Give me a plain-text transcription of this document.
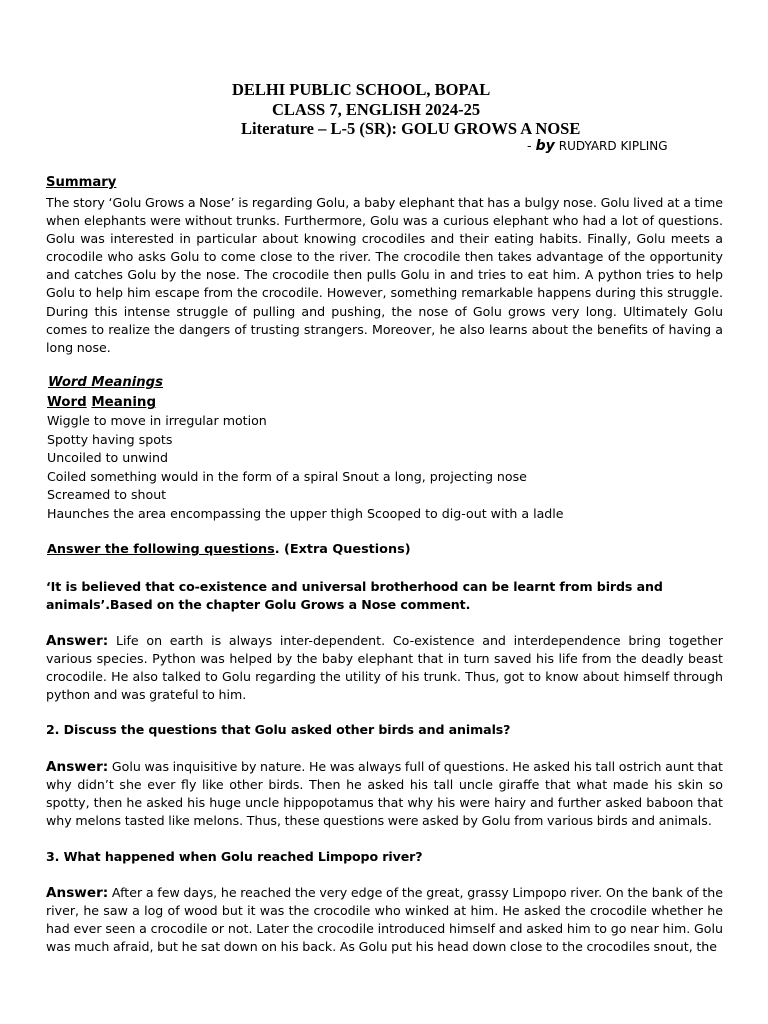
DELHI PUBLIC SCHOOL, BOPAL
CLASS 7, ENGLISH 2024-25
Literature – L-5 (SR): GOLU GROWS A NOSE
- by RUDYARD KIPLING
Summary

The story ‘Golu Grows a Nose’ is regarding Golu, a baby elephant that has a bulgy nose. Golu lived at a time when elephants were without trunks. Furthermore, Golu was a curious elephant who had a lot of questions. Golu was interested in particular about knowing crocodiles and their eating habits. Finally, Golu meets a crocodile who asks Golu to come close to the river. The crocodile then takes advantage of the opportunity and catches Golu by the nose. The crocodile then pulls Golu in and tries to eat him. A python tries to help Golu to help him escape from the crocodile. However, something remarkable happens during this struggle. During this intense struggle of pulling and pushing, the nose of Golu grows very long. Ultimately Golu comes to realize the dangers of trusting strangers. Moreover, he also learns about the benefits of having a long nose.

Word Meanings
Word Meaning
Wiggle to move in irregular motion
Spotty having spots
Uncoiled to unwind
Coiled something would in the form of a spiral Snout a long, projecting nose
Screamed to shout
Haunches the area encompassing the upper thigh Scooped to dig-out with a ladle
Answer the following questions. (Extra Questions)

‘It is believed that co-existence and universal brotherhood can be learnt from birds and animals’.Based on the chapter Golu Grows a Nose comment.

Answer: Life on earth is always inter-dependent. Co-existence and interdependence bring together various species. Python was helped by the baby elephant that in turn saved his life from the deadly beast crocodile. He also talked to Golu regarding the utility of his trunk. Thus, got to know about himself through python and was grateful to him.

2. Discuss the questions that Golu asked other birds and animals?

Answer: Golu was inquisitive by nature. He was always full of questions. He asked his tall ostrich aunt that why didn’t she ever fly like other birds. Then he asked his tall uncle giraffe that what made his skin so spotty, then he asked his huge uncle hippopotamus that why his were hairy and further asked baboon that why melons tasted like melons. Thus, these questions were asked by Golu from various birds and animals.

3. What happened when Golu reached Limpopo river?

Answer: After a few days, he reached the very edge of the great, grassy Limpopo river. On the bank of the river, he saw a log of wood but it was the crocodile who winked at him. He asked the crocodile whether he had ever seen a crocodile or not. Later the crocodile introduced himself and asked him to go near him. Golu was much afraid, but he sat down on his back. As Golu put his head down close to the crocodiles snout, the
